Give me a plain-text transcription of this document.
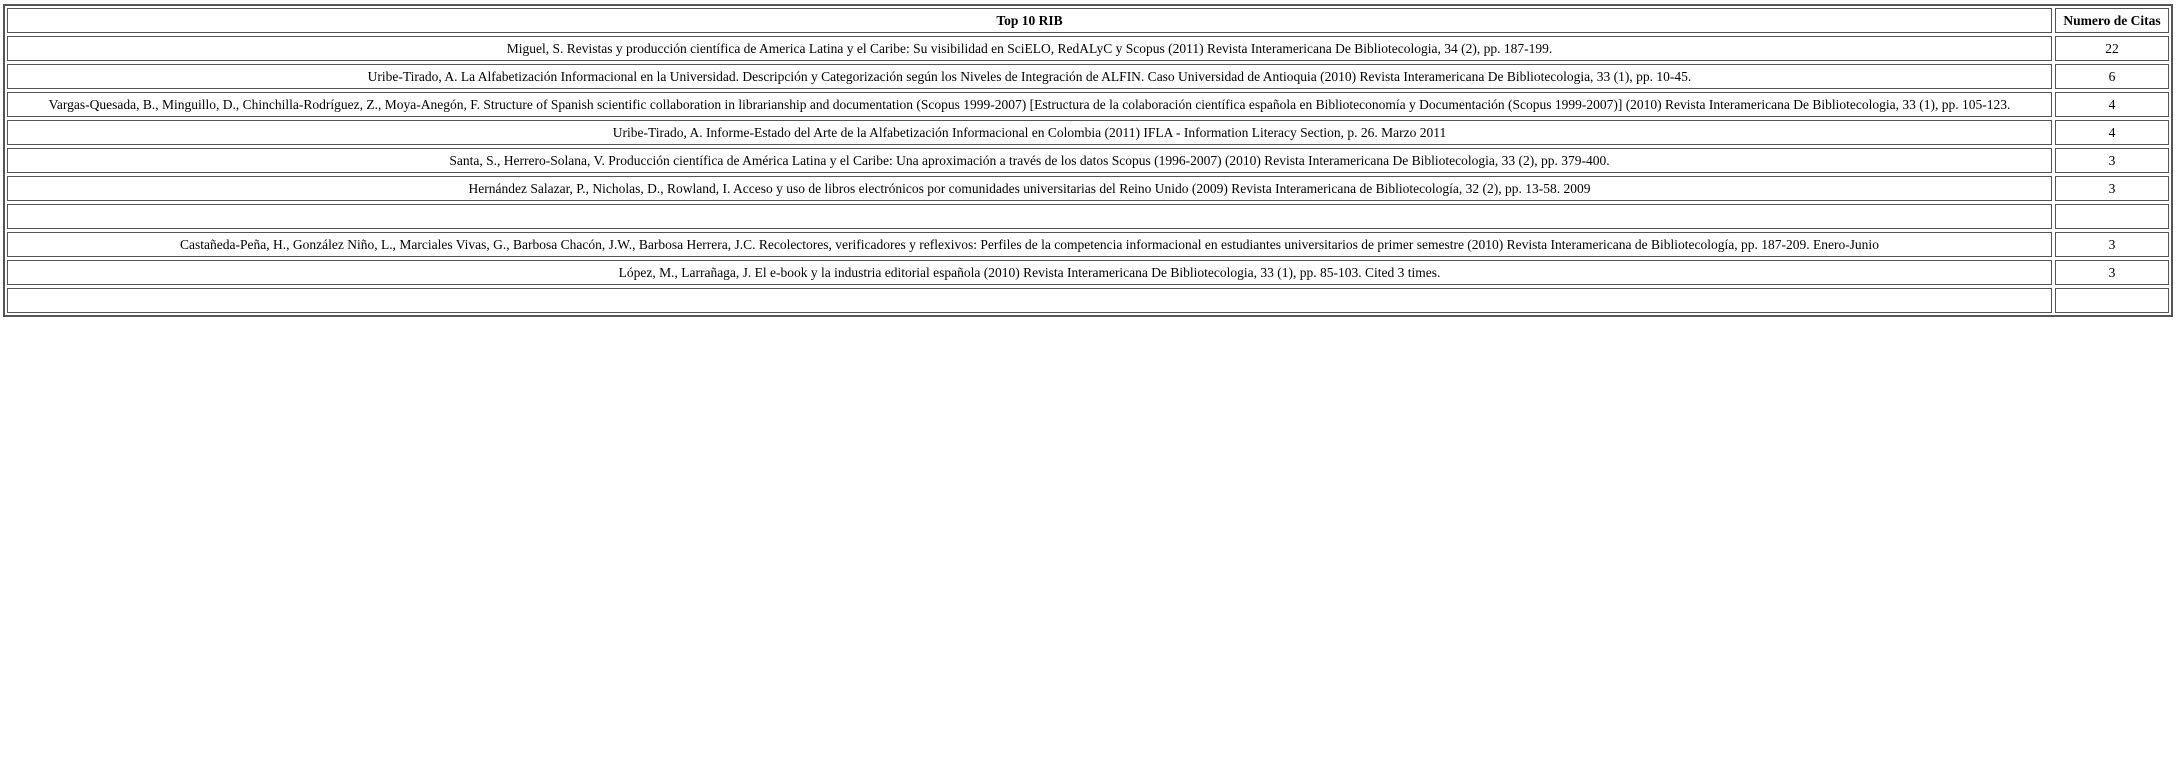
Top 10 RIB	Numero de Citas
Miguel, S. Revistas y producción científica de America Latina y el Caribe: Su visibilidad en SciELO, RedALyC y Scopus (2011) Revista Interamericana De Bibliotecologia, 34 (2), pp. 187-199.	22
Uribe-Tirado, A. La Alfabetización Informacional en la Universidad. Descripción y Categorización según los Niveles de Integración de ALFIN. Caso Universidad de Antioquia (2010) Revista Interamericana De Bibliotecologia, 33 (1), pp. 10-45.	6
Vargas-Quesada, B., Minguillo, D., Chinchilla-Rodríguez, Z., Moya-Anegón, F. Structure of Spanish scientific collaboration in librarianship and documentation (Scopus 1999-2007) [Estructura de la colaboración científica española en Biblioteconomía y Documentación (Scopus 1999-2007)] (2010) Revista Interamericana De Bibliotecologia, 33 (1), pp. 105-123.	4
Uribe-Tirado, A. Informe-Estado del Arte de la Alfabetización Informacional en Colombia (2011) IFLA - Information Literacy Section, p. 26. Marzo 2011	4
Santa, S., Herrero-Solana, V. Producción científica de América Latina y el Caribe: Una aproximación a través de los datos Scopus (1996-2007) (2010) Revista Interamericana De Bibliotecologia, 33 (2), pp. 379-400.	3
Hernández Salazar, P., Nicholas, D., Rowland, I. Acceso y uso de libros electrónicos por comunidades universitarias del Reino Unido (2009) Revista Interamericana de Bibliotecología, 32 (2), pp. 13-58. 2009	3

Castañeda-Peña, H., González Niño, L., Marciales Vivas, G., Barbosa Chacón, J.W., Barbosa Herrera, J.C. Recolectores, verificadores y reflexivos: Perfiles de la competencia informacional en estudiantes universitarios de primer semestre (2010) Revista Interamericana de Bibliotecología, pp. 187-209. Enero-Junio	3
López, M., Larrañaga, J. El e-book y la industria editorial española (2010) Revista Interamericana De Bibliotecologia, 33 (1), pp. 85-103. Cited 3 times.	3
